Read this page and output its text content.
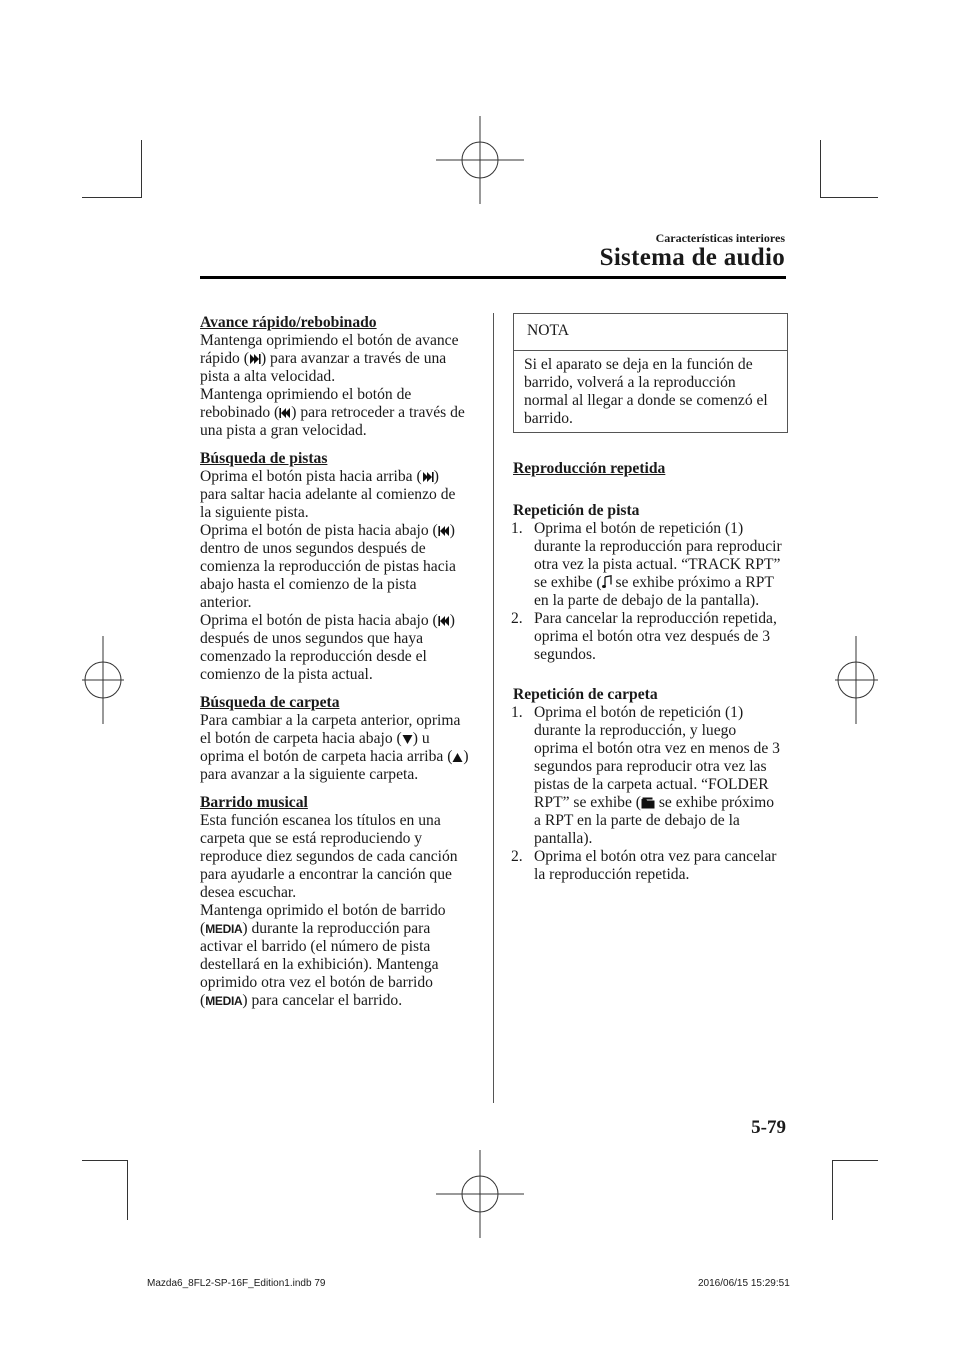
Características interiores
Sistema de audio

Avance rápido/rebobinado

Mantenga oprimiendo el botón de avance

rápido ( ) para avanzar a través de una

pista a alta velocidad.

Mantenga oprimiendo el botón de

rebobinado ( ) para retroceder a través de

una pista a gran velocidad.

Búsqueda de pistas

Oprima el botón pista hacia arriba ( )

para saltar hacia adelante al comienzo de

la siguiente pista.

Oprima el botón de pista hacia abajo ( )

dentro de unos segundos después de

comienza la reproducción de pistas hacia

abajo hasta el comienzo de la pista

anterior.

Oprima el botón de pista hacia abajo ( )

después de unos segundos que haya

comenzado la reproducción desde el

comienzo de la pista actual.

Búsqueda de carpeta

Para cambiar a la carpeta anterior, oprima

el botón de carpeta hacia abajo ( ) u

oprima el botón de carpeta hacia arriba ( )

para avanzar a la siguiente carpeta.

Barrido musical

Esta función escanea los títulos en una

carpeta que se está reproduciendo y

reproduce diez segundos de cada canción

para ayudarle a encontrar la canción que

desea escuchar.

Mantenga oprimido el botón de barrido

(MEDIA) durante la reproducción para

activar el barrido (el número de pista

destellará en la exhibición). Mantenga

oprimido otra vez el botón de barrido

(MEDIA) para cancelar el barrido.

NOTA
Si el aparato se deja en la función de
barrido, volverá a la reproducción
normal al llegar a donde se comenzó el
barrido.

Reproducción repetida

Repetición de pista

1. Oprima el botón de repetición (1)
durante la reproducción para reproducir
otra vez la pista actual. “TRACK RPT”
se exhibe ( se exhibe próximo a RPT
en la parte de debajo de la pantalla).
2. Para cancelar la reproducción repetida,
oprima el botón otra vez después de 3
segundos.

Repetición de carpeta

1. Oprima el botón de repetición (1)
durante la reproducción, y luego
oprima el botón otra vez en menos de 3
segundos para reproducir otra vez las
pistas de la carpeta actual. “FOLDER
RPT” se exhibe ( se exhibe próximo
a RPT en la parte de debajo de la
pantalla).
2. Oprima el botón otra vez para cancelar
la reproducción repetida.
5-79
Mazda6_8FL2-SP-16F_Edition1.indb 79	2016/06/15 15:29:51
